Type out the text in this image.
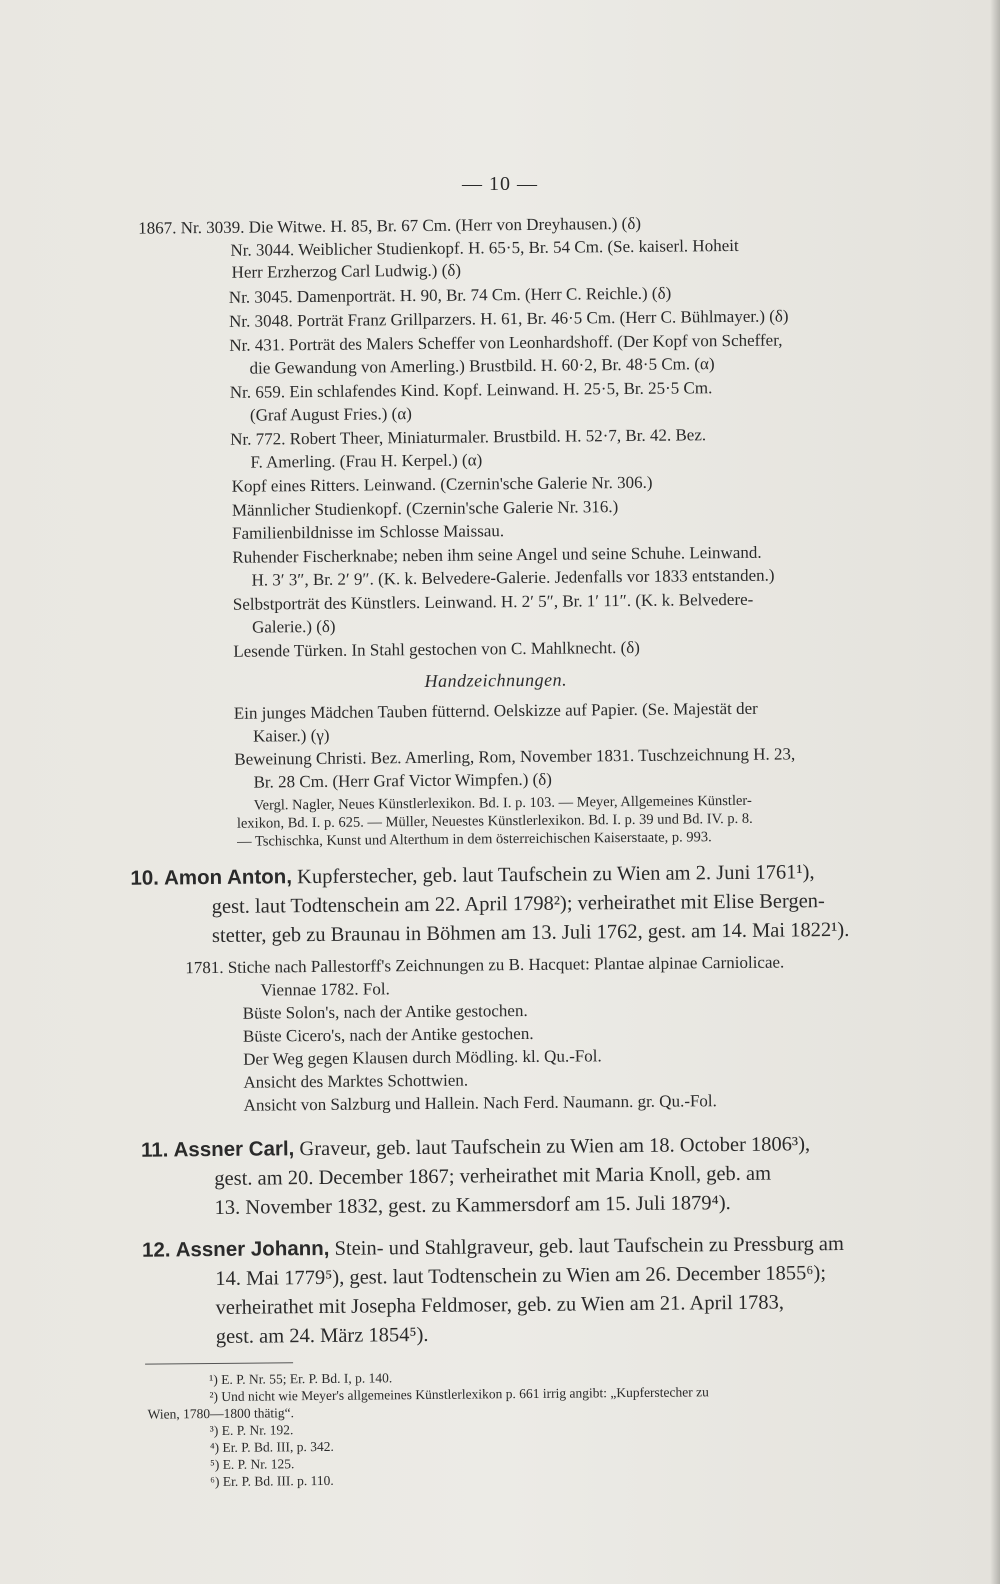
— 10 —
1867. Nr. 3039. Die Witwe. H. 85, Br. 67 Cm. (Herr von Dreyhausen.) (δ)
Nr. 3044. Weiblicher Studienkopf. H. 65·5, Br. 54 Cm. (Se. kaiserl. Hoheit
Herr Erzherzog Carl Ludwig.) (δ)
Nr. 3045. Damenporträt. H. 90, Br. 74 Cm. (Herr C. Reichle.) (δ)
Nr. 3048. Porträt Franz Grillparzers. H. 61, Br. 46·5 Cm. (Herr C. Bühlmayer.) (δ)
Nr. 431. Porträt des Malers Scheffer von Leonhardshoff. (Der Kopf von Scheffer,
die Gewandung von Amerling.) Brustbild. H. 60·2, Br. 48·5 Cm. (α)
Nr. 659. Ein schlafendes Kind. Kopf. Leinwand. H. 25·5, Br. 25·5 Cm.
(Graf August Fries.) (α)
Nr. 772. Robert Theer, Miniaturmaler. Brustbild. H. 52·7, Br. 42. Bez.
F. Amerling. (Frau H. Kerpel.) (α)
Kopf eines Ritters. Leinwand. (Czernin'sche Galerie Nr. 306.)
Männlicher Studienkopf. (Czernin'sche Galerie Nr. 316.)
Familienbildnisse im Schlosse Maissau.
Ruhender Fischerknabe; neben ihm seine Angel und seine Schuhe. Leinwand.
H. 3′ 3″, Br. 2′ 9″. (K. k. Belvedere-Galerie. Jedenfalls vor 1833 entstanden.)
Selbstporträt des Künstlers. Leinwand. H. 2′ 5″, Br. 1′ 11″. (K. k. Belvedere-
Galerie.) (δ)
Lesende Türken. In Stahl gestochen von C. Mahlknecht. (δ)
Handzeichnungen.
Ein junges Mädchen Tauben fütternd. Oelskizze auf Papier. (Se. Majestät der
Kaiser.) (γ)
Beweinung Christi. Bez. Amerling, Rom, November 1831. Tuschzeichnung H. 23,
Br. 28 Cm. (Herr Graf Victor Wimpfen.) (δ)
Vergl. Nagler, Neues Künstlerlexikon. Bd. I. p. 103. — Meyer, Allgemeines Künstler-
lexikon, Bd. I. p. 625. — Müller, Neuestes Künstlerlexikon. Bd. I. p. 39 und Bd. IV. p. 8.
— Tschischka, Kunst und Alterthum in dem österreichischen Kaiserstaate, p. 993.
10. Amon Anton, Kupferstecher, geb. laut Taufschein zu Wien am 2. Juni 1761¹),
gest. laut Todtenschein am 22. April 1798²); verheirathet mit Elise Bergen-
stetter, geb zu Braunau in Böhmen am 13. Juli 1762, gest. am 14. Mai 1822¹).
1781. Stiche nach Pallestorff's Zeichnungen zu B. Hacquet: Plantae alpinae Carniolicae.
Viennae 1782. Fol.
Büste Solon's, nach der Antike gestochen.
Büste Cicero's, nach der Antike gestochen.
Der Weg gegen Klausen durch Mödling. kl. Qu.-Fol.
Ansicht des Marktes Schottwien.
Ansicht von Salzburg und Hallein. Nach Ferd. Naumann. gr. Qu.-Fol.
11. Assner Carl, Graveur, geb. laut Taufschein zu Wien am 18. October 1806³),
gest. am 20. December 1867; verheirathet mit Maria Knoll, geb. am
13. November 1832, gest. zu Kammersdorf am 15. Juli 1879⁴).
12. Assner Johann, Stein- und Stahlgraveur, geb. laut Taufschein zu Pressburg am
14. Mai 1779⁵), gest. laut Todtenschein zu Wien am 26. December 1855⁶);
verheirathet mit Josepha Feldmoser, geb. zu Wien am 21. April 1783,
gest. am 24. März 1854⁵).
¹) E. P. Nr. 55; Er. P. Bd. I, p. 140.
²) Und nicht wie Meyer's allgemeines Künstlerlexikon p. 661 irrig angibt: „Kupferstecher zu
Wien, 1780—1800 thätig“.
³) E. P. Nr. 192.
⁴) Er. P. Bd. III, p. 342.
⁵) E. P. Nr. 125.
⁶) Er. P. Bd. III. p. 110.
